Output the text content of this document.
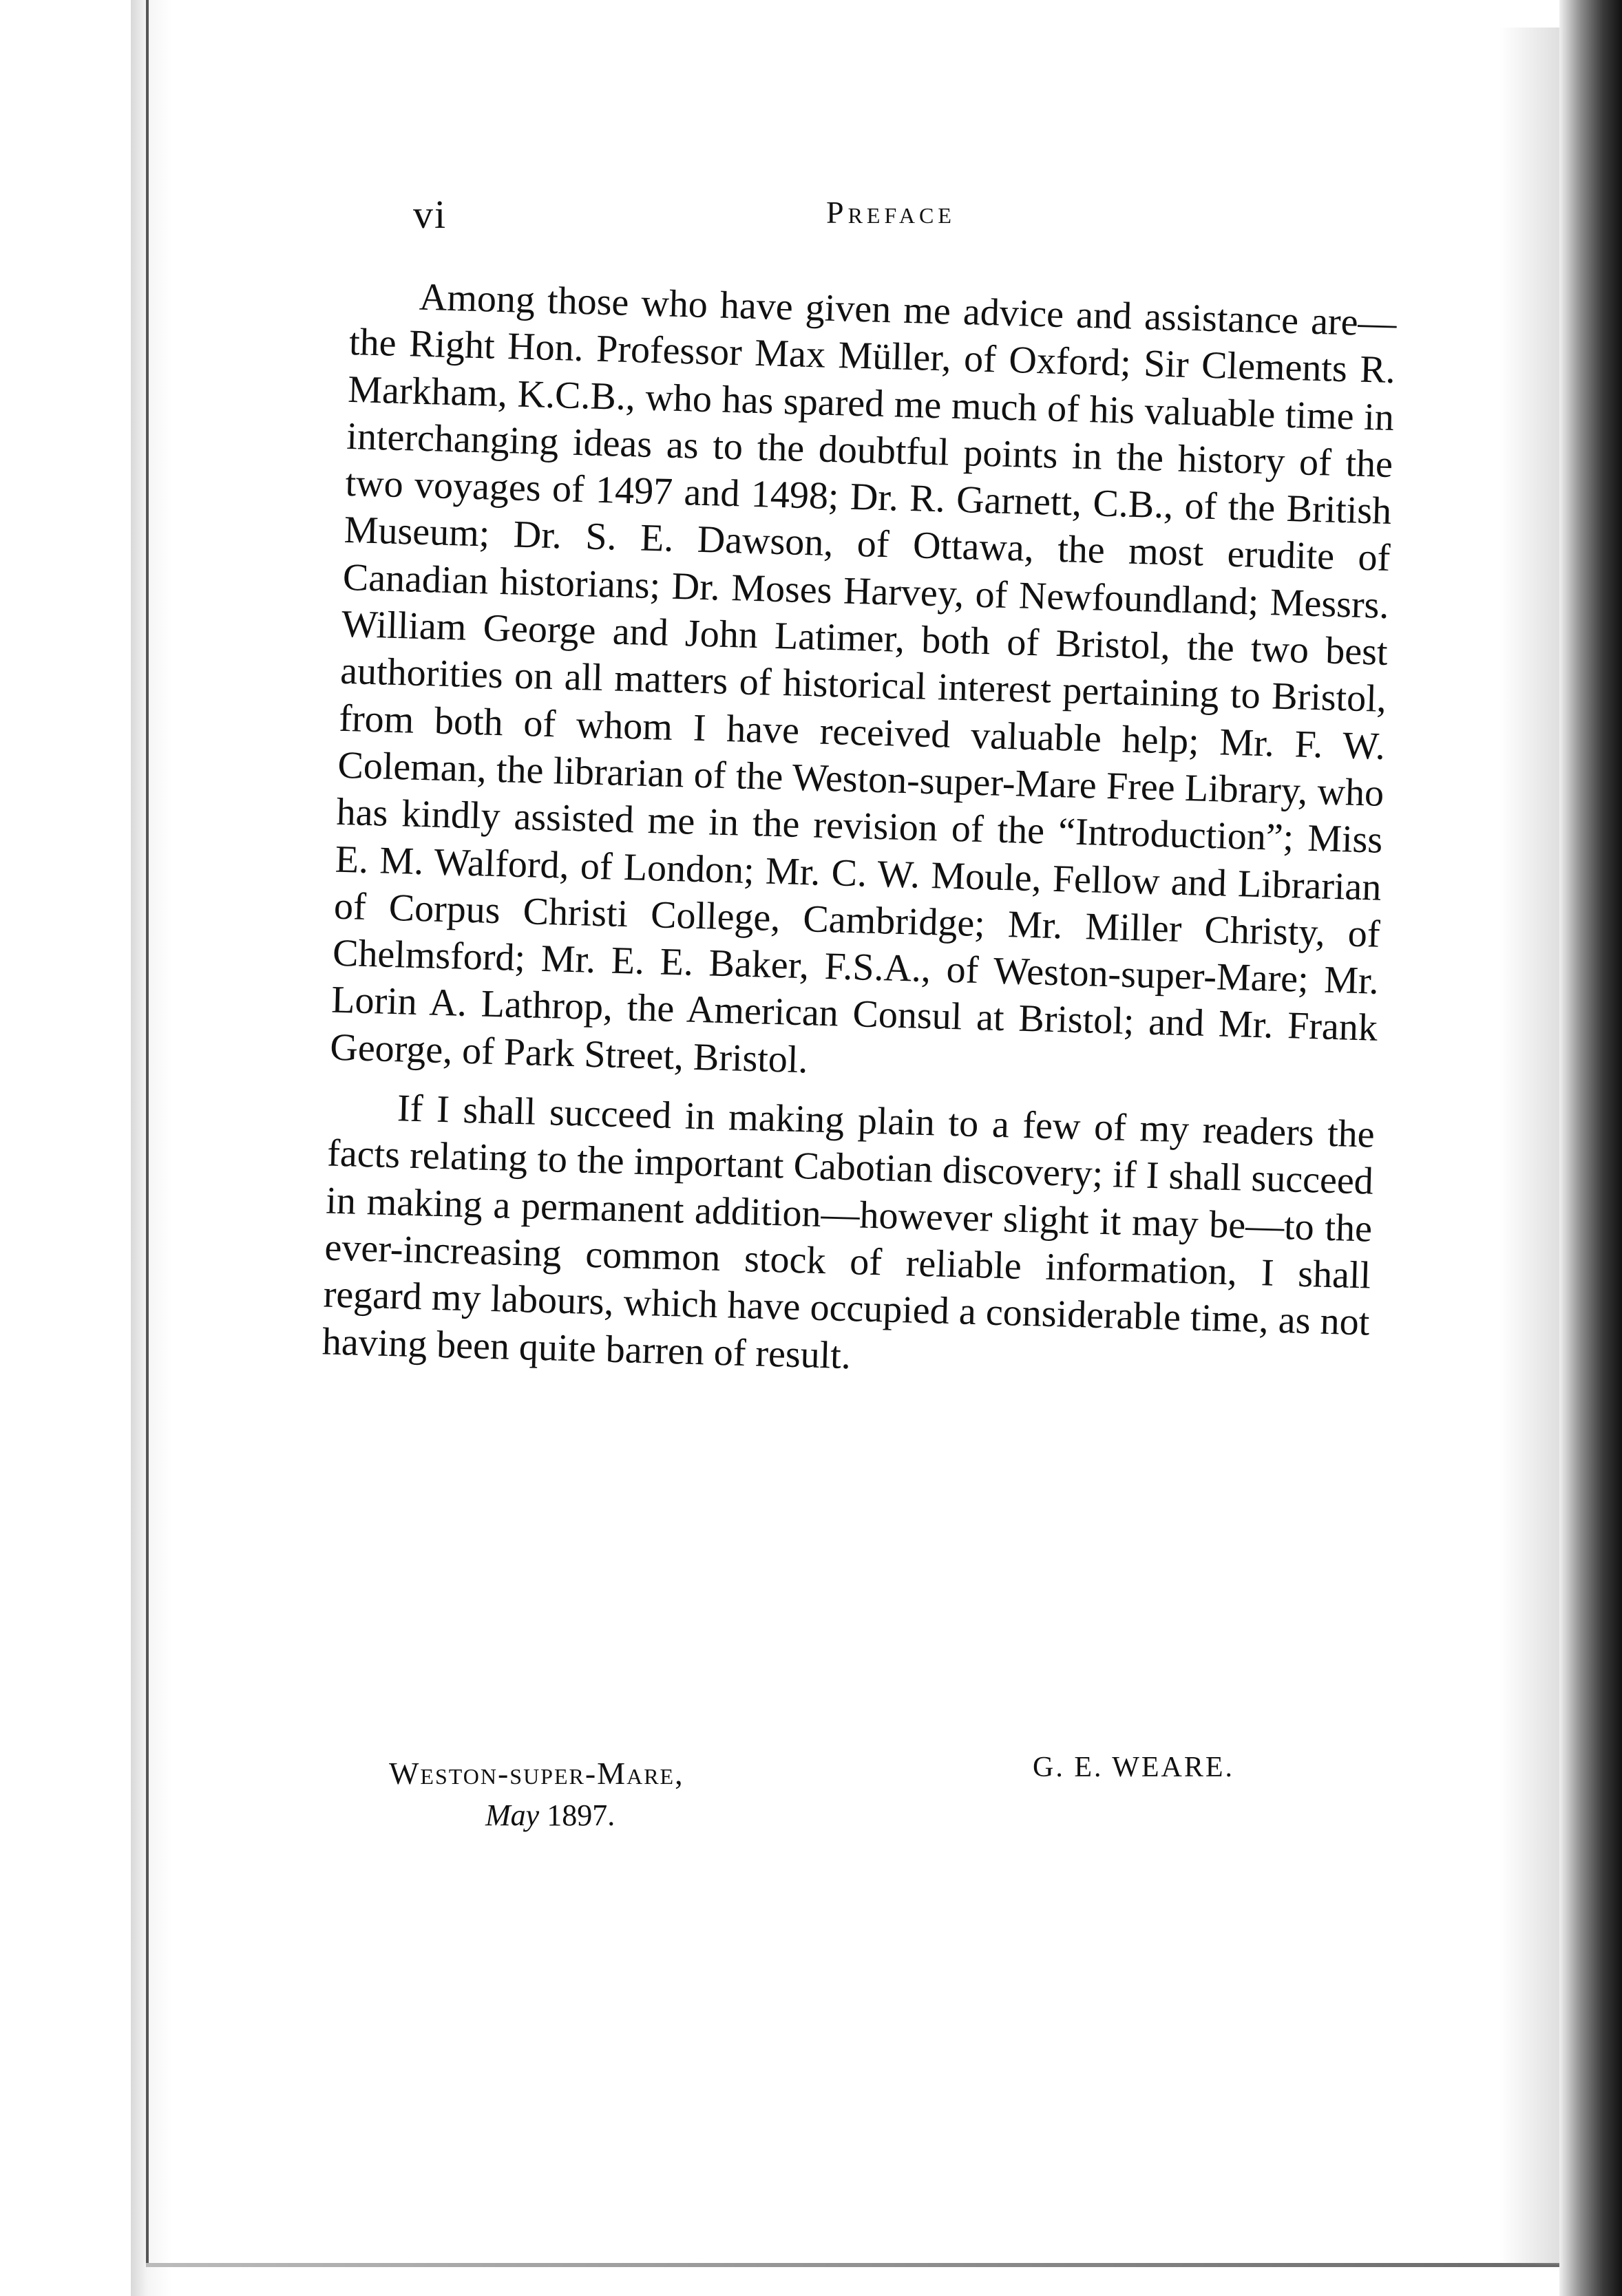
vi	Preface

Among those who have given me advice and assistance are—the Right Hon. Professor Max Müller, of Oxford; Sir Clements R. Markham, K.C.B., who has spared me much of his valuable time in interchanging ideas as to the doubtful points in the history of the two voyages of 1497 and 1498; Dr. R. Garnett, C.B., of the British Museum; Dr. S. E. Dawson, of Ottawa, the most erudite of Canadian historians; Dr. Moses Harvey, of Newfoundland; Messrs. William George and John Latimer, both of Bristol, the two best authorities on all matters of historical interest pertaining to Bristol, from both of whom I have received valuable help; Mr. F. W. Coleman, the librarian of the Weston-super-Mare Free Library, who has kindly assisted me in the revision of the “Introduction”; Miss E. M. Walford, of London; Mr. C. W. Moule, Fellow and Librarian of Corpus Christi College, Cambridge; Mr. Miller Christy, of Chelmsford; Mr. E. E. Baker, F.S.A., of Weston-super-Mare; Mr. Lorin A. Lathrop, the American Consul at Bristol; and Mr. Frank George, of Park Street, Bristol.

If I shall succeed in making plain to a few of my readers the facts relating to the important Cabotian discovery; if I shall succeed in making a permanent addition—however slight it may be—to the ever-increasing common stock of reliable information, I shall regard my labours, which have occupied a considerable time, as not having been quite barren of result.

Weston-super-Mare,
May 1897.
G. E. WEARE.
